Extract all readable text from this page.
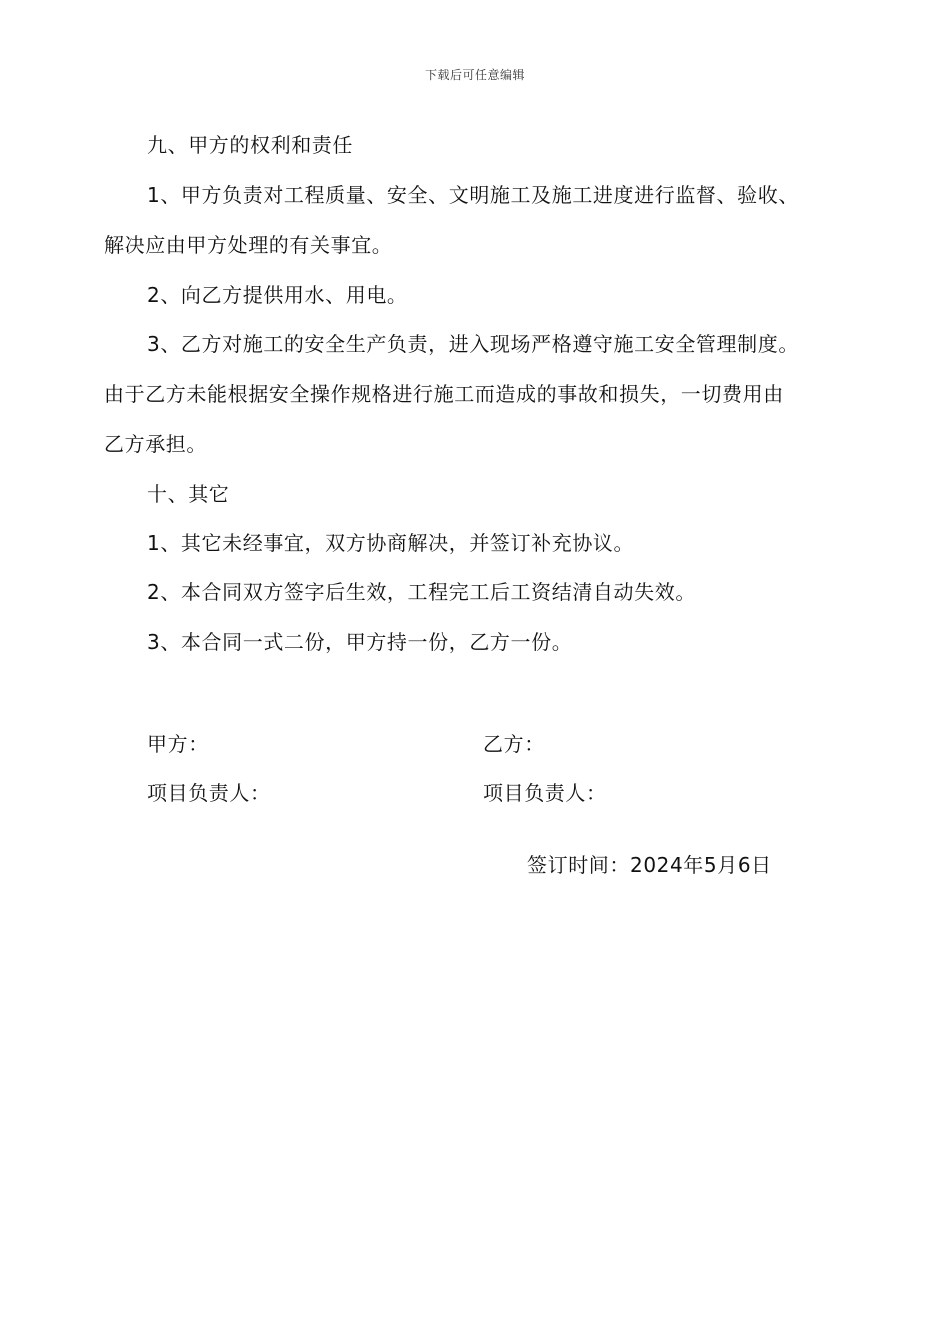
下载后可任意编辑
九、甲方的权利和责任
1、甲方负责对工程质量、安全、文明施工及施工进度进行监督、验收、
解决应由甲方处理的有关事宜。
2、向乙方提供用水、用电。
3、乙方对施工的安全生产负责，进入现场严格遵守施工安全管理制度。
由于乙方未能根据安全操作规格进行施工而造成的事故和损失，一切费用由
乙方承担。
十、其它
1、其它未经事宜，双方协商解决，并签订补充协议。
2、本合同双方签字后生效，工程完工后工资结清自动失效。
3、本合同一式二份，甲方持一份，乙方一份。
甲方：	乙方：
项目负责人：	项目负责人：
签订时间：2024年5月6日
